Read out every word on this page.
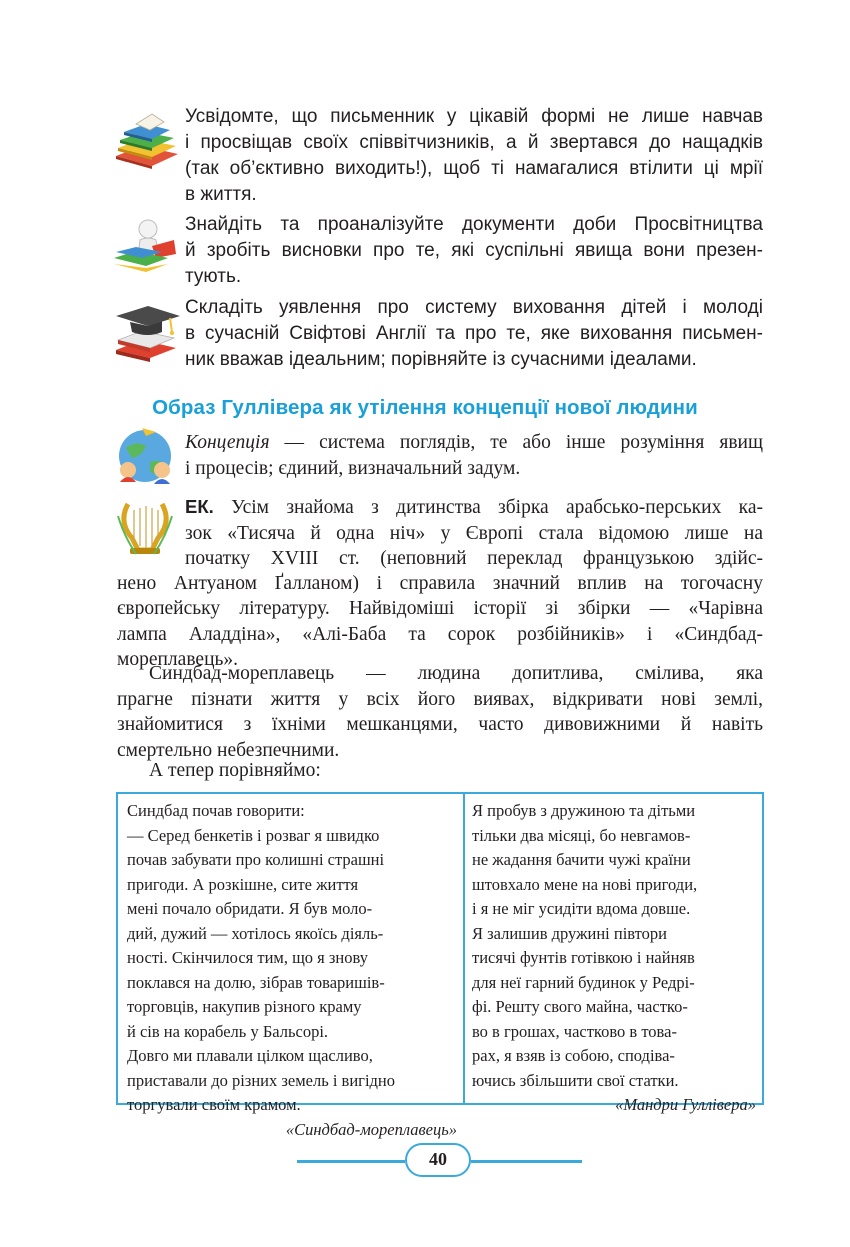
Усвідомте, що письменник у цікавій формі не лише навчав
і просвіщав своїх співвітчизників, а й звертався до нащадків
(так об’єктивно виходить!), щоб ті намагалися втілити ці мрії
в життя.
Знайдіть та проаналізуйте документи доби Просвітництва
й зробіть висновки про те, які суспільні явища вони презен-
тують.
Складіть уявлення про систему виховання дітей і молоді
в сучасній Свіфтові Англії та про те, яке виховання письмен-
ник вважав ідеальним; порівняйте із сучасними ідеалами.
Образ Гуллівера як утілення концепції нової людини
Концепція — система поглядів, те або інше розуміння явищ
і процесів; єдиний, визначальний задум.
ЕК. Усім знайома з дитинства збірка арабсько-перських ка-
зок «Тисяча й одна ніч» у Європі стала відомою лише на
початку XVIII ст. (неповний переклад французькою здійс-
нено Антуаном Ґалланом) і справила значний вплив на тогочасну
європейську літературу. Найвідоміші історії зі збірки — «Чарівна
лампа Аладдіна», «Алі-Баба та сорок розбійників» і «Синдбад-
мореплавець».
Синдбад-мореплавець — людина допитлива, смілива, яка
прагне пізнати життя у всіх його виявах, відкривати нові землі,
знайомитися з їхніми мешканцями, часто дивовижними й навіть
смертельно небезпечними.
А тепер порівняймо:
Синдбад почав говорити:
— Серед бенкетів і розваг я швидко
почав забувати про колишні страшні
пригоди. А розкішне, сите життя
мені почало обридати. Я був моло-
дий, дужий — хотілось якоїсь діяль-
ності. Скінчилося тим, що я знову
поклався на долю, зібрав товаришів-
торговців, накупив різного краму
й сів на корабель у Бальсорі.
Довго ми плавали цілком щасливо,
приставали до різних земель і вигідно
торгували своїм крамом.
«Синдбад-мореплавець»
Я пробув з дружиною та дітьми
тільки два місяці, бо невгамов-
не жадання бачити чужі країни
штовхало мене на нові пригоди,
і я не міг усидіти вдома довше.
Я залишив дружині півтори
тисячі фунтів готівкою і найняв
для неї гарний будинок у Редрі-
фі. Решту свого майна, частко-
во в грошах, частково в това-
рах, я взяв із собою, сподіва-
ючись збільшити свої статки.
«Мандри Гуллівера»
40
